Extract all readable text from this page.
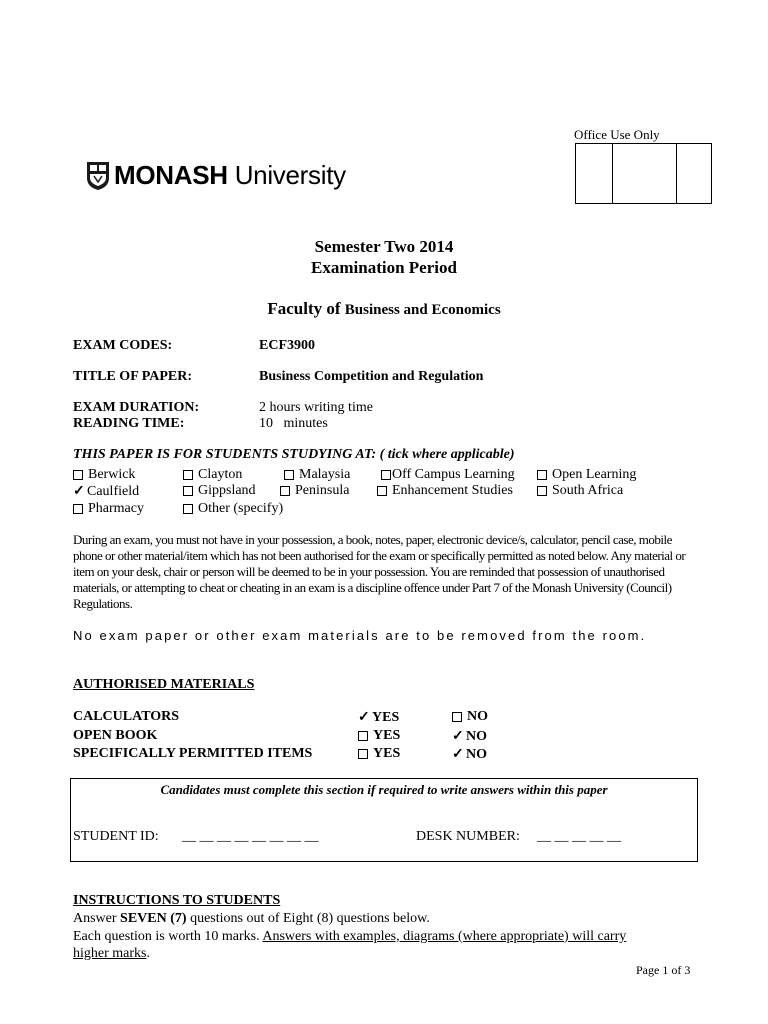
Office Use Only
MONASH University
Semester Two 2014
Examination Period
Faculty of Business and Economics
EXAM CODES:	ECF3900
TITLE OF PAPER:	Business Competition and Regulation
EXAM DURATION:	2 hours writing time
READING TIME:	10   minutes
THIS PAPER IS FOR STUDENTS STUDYING AT: ( tick where applicable)
Berwick	Clayton	Malaysia	Off Campus Learning	Open Learning
✓ Caulfield	Gippsland	Peninsula	Enhancement Studies	South Africa
Pharmacy	Other (specify)
During an exam, you must not have in your possession, a book, notes, paper, electronic device/s, calculator, pencil case, mobile phone or other material/item which has not been authorised for the exam or specifically permitted as noted below. Any material or item on your desk, chair or person will be deemed to be in your possession. You are reminded that possession of unauthorised materials, or attempting to cheat or cheating in an exam is a discipline offence under Part 7 of the Monash University (Council) Regulations.
No exam paper or other exam materials are to be removed from the room.
AUTHORISED MATERIALS
CALCULATORS	✓ YES	NO
OPEN BOOK	YES	✓ NO
SPECIFICALLY PERMITTED ITEMS	YES	✓ NO
Candidates must complete this section if required to write answers within this paper
STUDENT ID: __ __ __ __ __ __ __ __	DESK NUMBER: __ __ __ __ __
INSTRUCTIONS TO STUDENTS
Answer SEVEN (7) questions out of Eight (8) questions below.
Each question is worth 10 marks. Answers with examples, diagrams (where appropriate) will carry
higher marks.
Page 1 of 3
